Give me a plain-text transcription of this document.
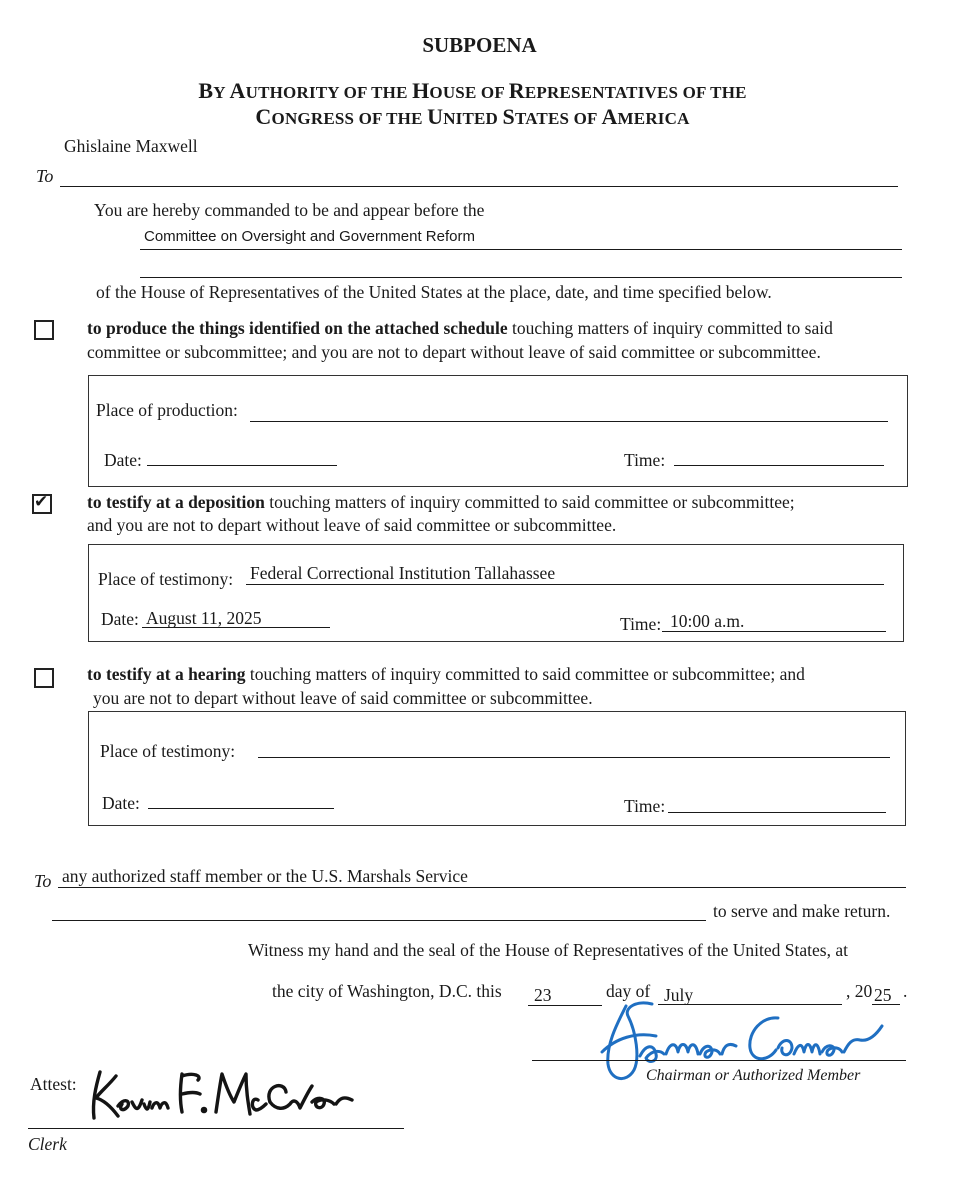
SUBPOENA
BY AUTHORITY OF THE HOUSE OF REPRESENTATIVES OF THE
CONGRESS OF THE UNITED STATES OF AMERICA
Ghislaine Maxwell
To
You are hereby commanded to be and appear before the
Committee on Oversight and Government Reform
of the House of Representatives of the United States at the place, date, and time specified below.
to produce the things identified on the attached schedule touching matters of inquiry committed to said
committee or subcommittee; and you are not to depart without leave of said committee or subcommittee.
Place of production:
Date:	Time:
✔ to testify at a deposition touching matters of inquiry committed to said committee or subcommittee;
and you are not to depart without leave of said committee or subcommittee.
Place of testimony: Federal Correctional Institution Tallahassee
Date: August 11, 2025	Time: 10:00 a.m.
to testify at a hearing touching matters of inquiry committed to said committee or subcommittee; and
you are not to depart without leave of said committee or subcommittee.
Place of testimony:
Date:	Time:
To any authorized staff member or the U.S. Marshals Service
to serve and make return.
Witness my hand and the seal of the House of Representatives of the United States, at
the city of Washington, D.C. this 23	day of July	, 20 25 .
Chairman or Authorized Member
Attest:
Clerk
